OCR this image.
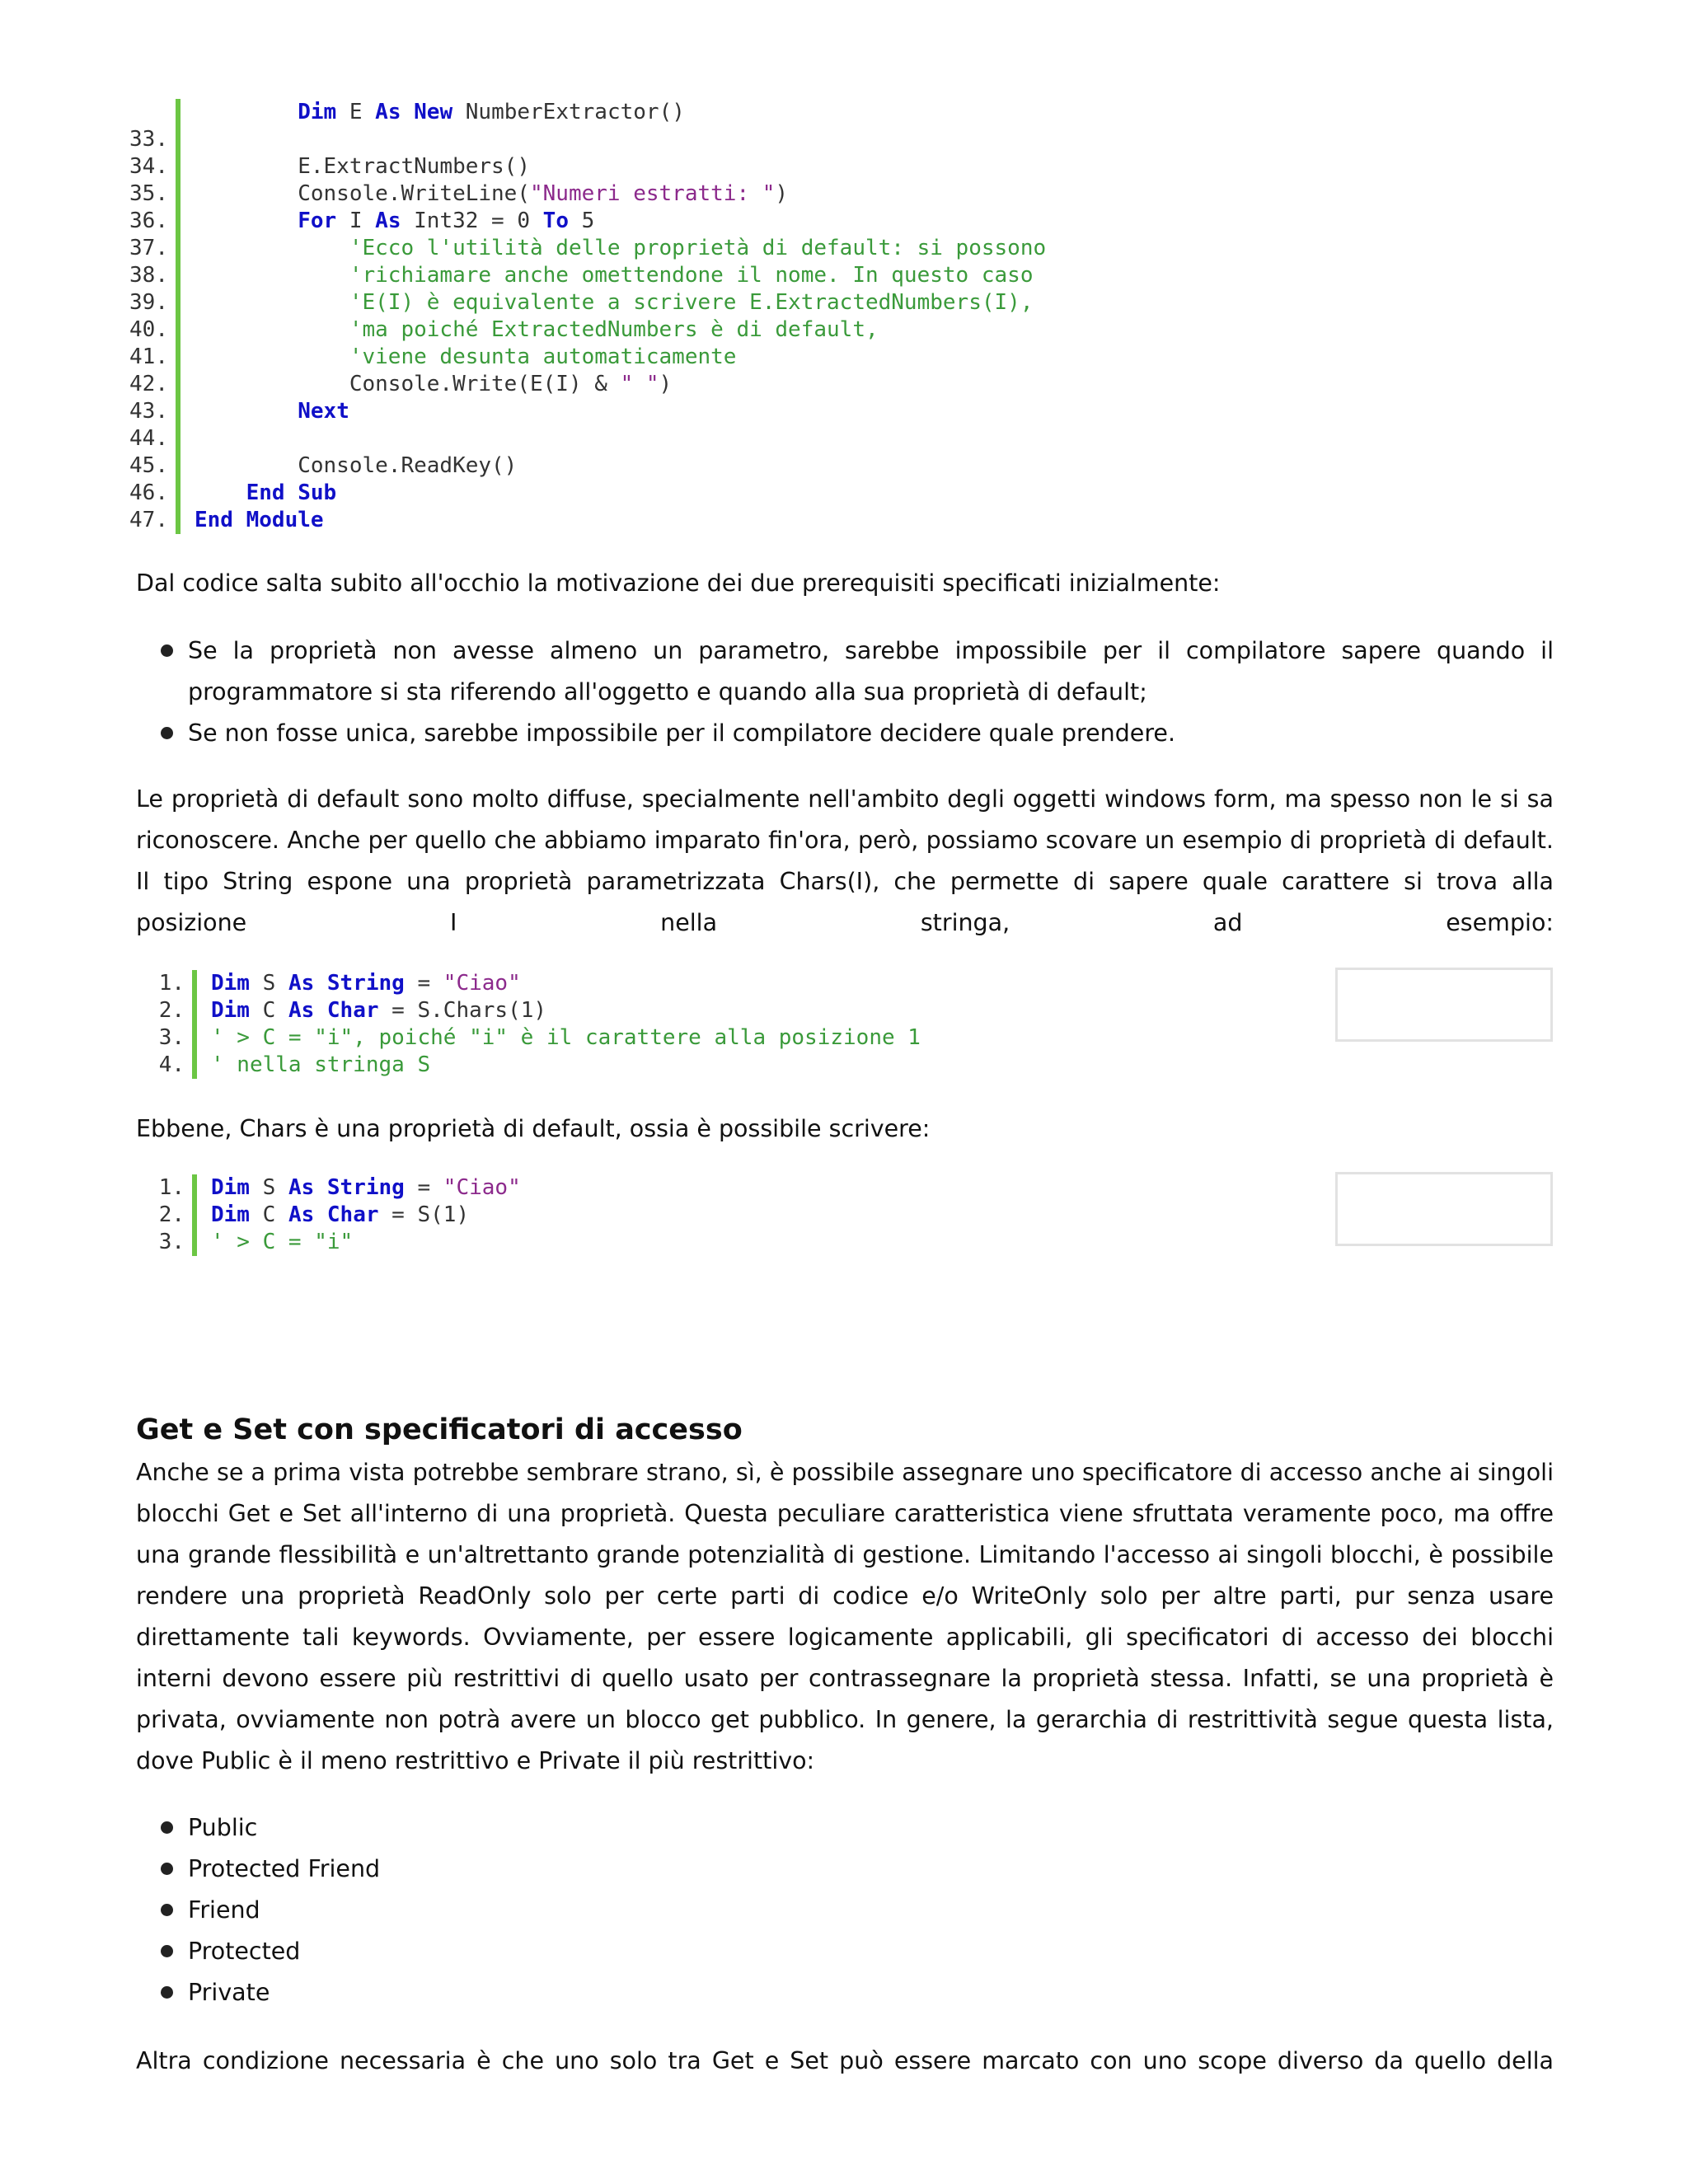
Dim E As New NumberExtractor()
33.
34. E.ExtractNumbers()
35. Console.WriteLine("Numeri estratti: ")
36.	For I As Int32 = 0 To 5
37.	'Ecco l'utilità delle proprietà di default: si possono
38.	'richiamare anche omettendone il nome. In questo caso
39.	'E(I) è equivalente a scrivere E.ExtractedNumbers(I),
40.	'ma poiché ExtractedNumbers è di default,
41.	'viene desunta automaticamente
42. Console.Write(E(I) & " ")
43.	Next
44.
45. Console.ReadKey()
46.	End Sub
47. End Module

Dal codice salta subito all'occhio la motivazione dei due prerequisiti specificati inizialmente:

Se la proprietà non avesse almeno un parametro, sarebbe impossibile per il compilatore sapere quando il programmatore si sta riferendo all'oggetto e quando alla sua proprietà di default;
Se non fosse unica, sarebbe impossibile per il compilatore decidere quale prendere.

Le proprietà di default sono molto diffuse, specialmente nell'ambito degli oggetti windows form, ma spesso non le si sa riconoscere. Anche per quello che abbiamo imparato fin'ora, però, possiamo scovare un esempio di proprietà di default. Il tipo String espone una proprietà parametrizzata Chars(I), che permette di sapere quale carattere si trova alla posizione I nella stringa, ad esempio:

1. Dim S As String = "Ciao"
2. Dim C As Char = S.Chars(1)
3. ' > C = "i", poiché "i" è il carattere alla posizione 1
4. ' nella stringa S

Ebbene, Chars è una proprietà di default, ossia è possibile scrivere:

1. Dim S As String = "Ciao"
2. Dim C As Char = S(1)
3. ' > C = "i"
Get e Set con specificatori di accesso

Anche se a prima vista potrebbe sembrare strano, sì, è possibile assegnare uno specificatore di accesso anche ai singoli blocchi Get e Set all'interno di una proprietà. Questa peculiare caratteristica viene sfruttata veramente poco, ma offre una grande flessibilità e un'altrettanto grande potenzialità di gestione. Limitando l'accesso ai singoli blocchi, è possibile rendere una proprietà ReadOnly solo per certe parti di codice e/o WriteOnly solo per altre parti, pur senza usare direttamente tali keywords. Ovviamente, per essere logicamente applicabili, gli specificatori di accesso dei blocchi interni devono essere più restrittivi di quello usato per contrassegnare la proprietà stessa. Infatti, se una proprietà è privata, ovviamente non potrà avere un blocco get pubblico. In genere, la gerarchia di restrittività segue questa lista, dove Public è il meno restrittivo e Private il più restrittivo:

Public
Protected Friend
Friend
Protected
Private

Altra condizione necessaria è che uno solo tra Get e Set può essere marcato con uno scope diverso da quello della
